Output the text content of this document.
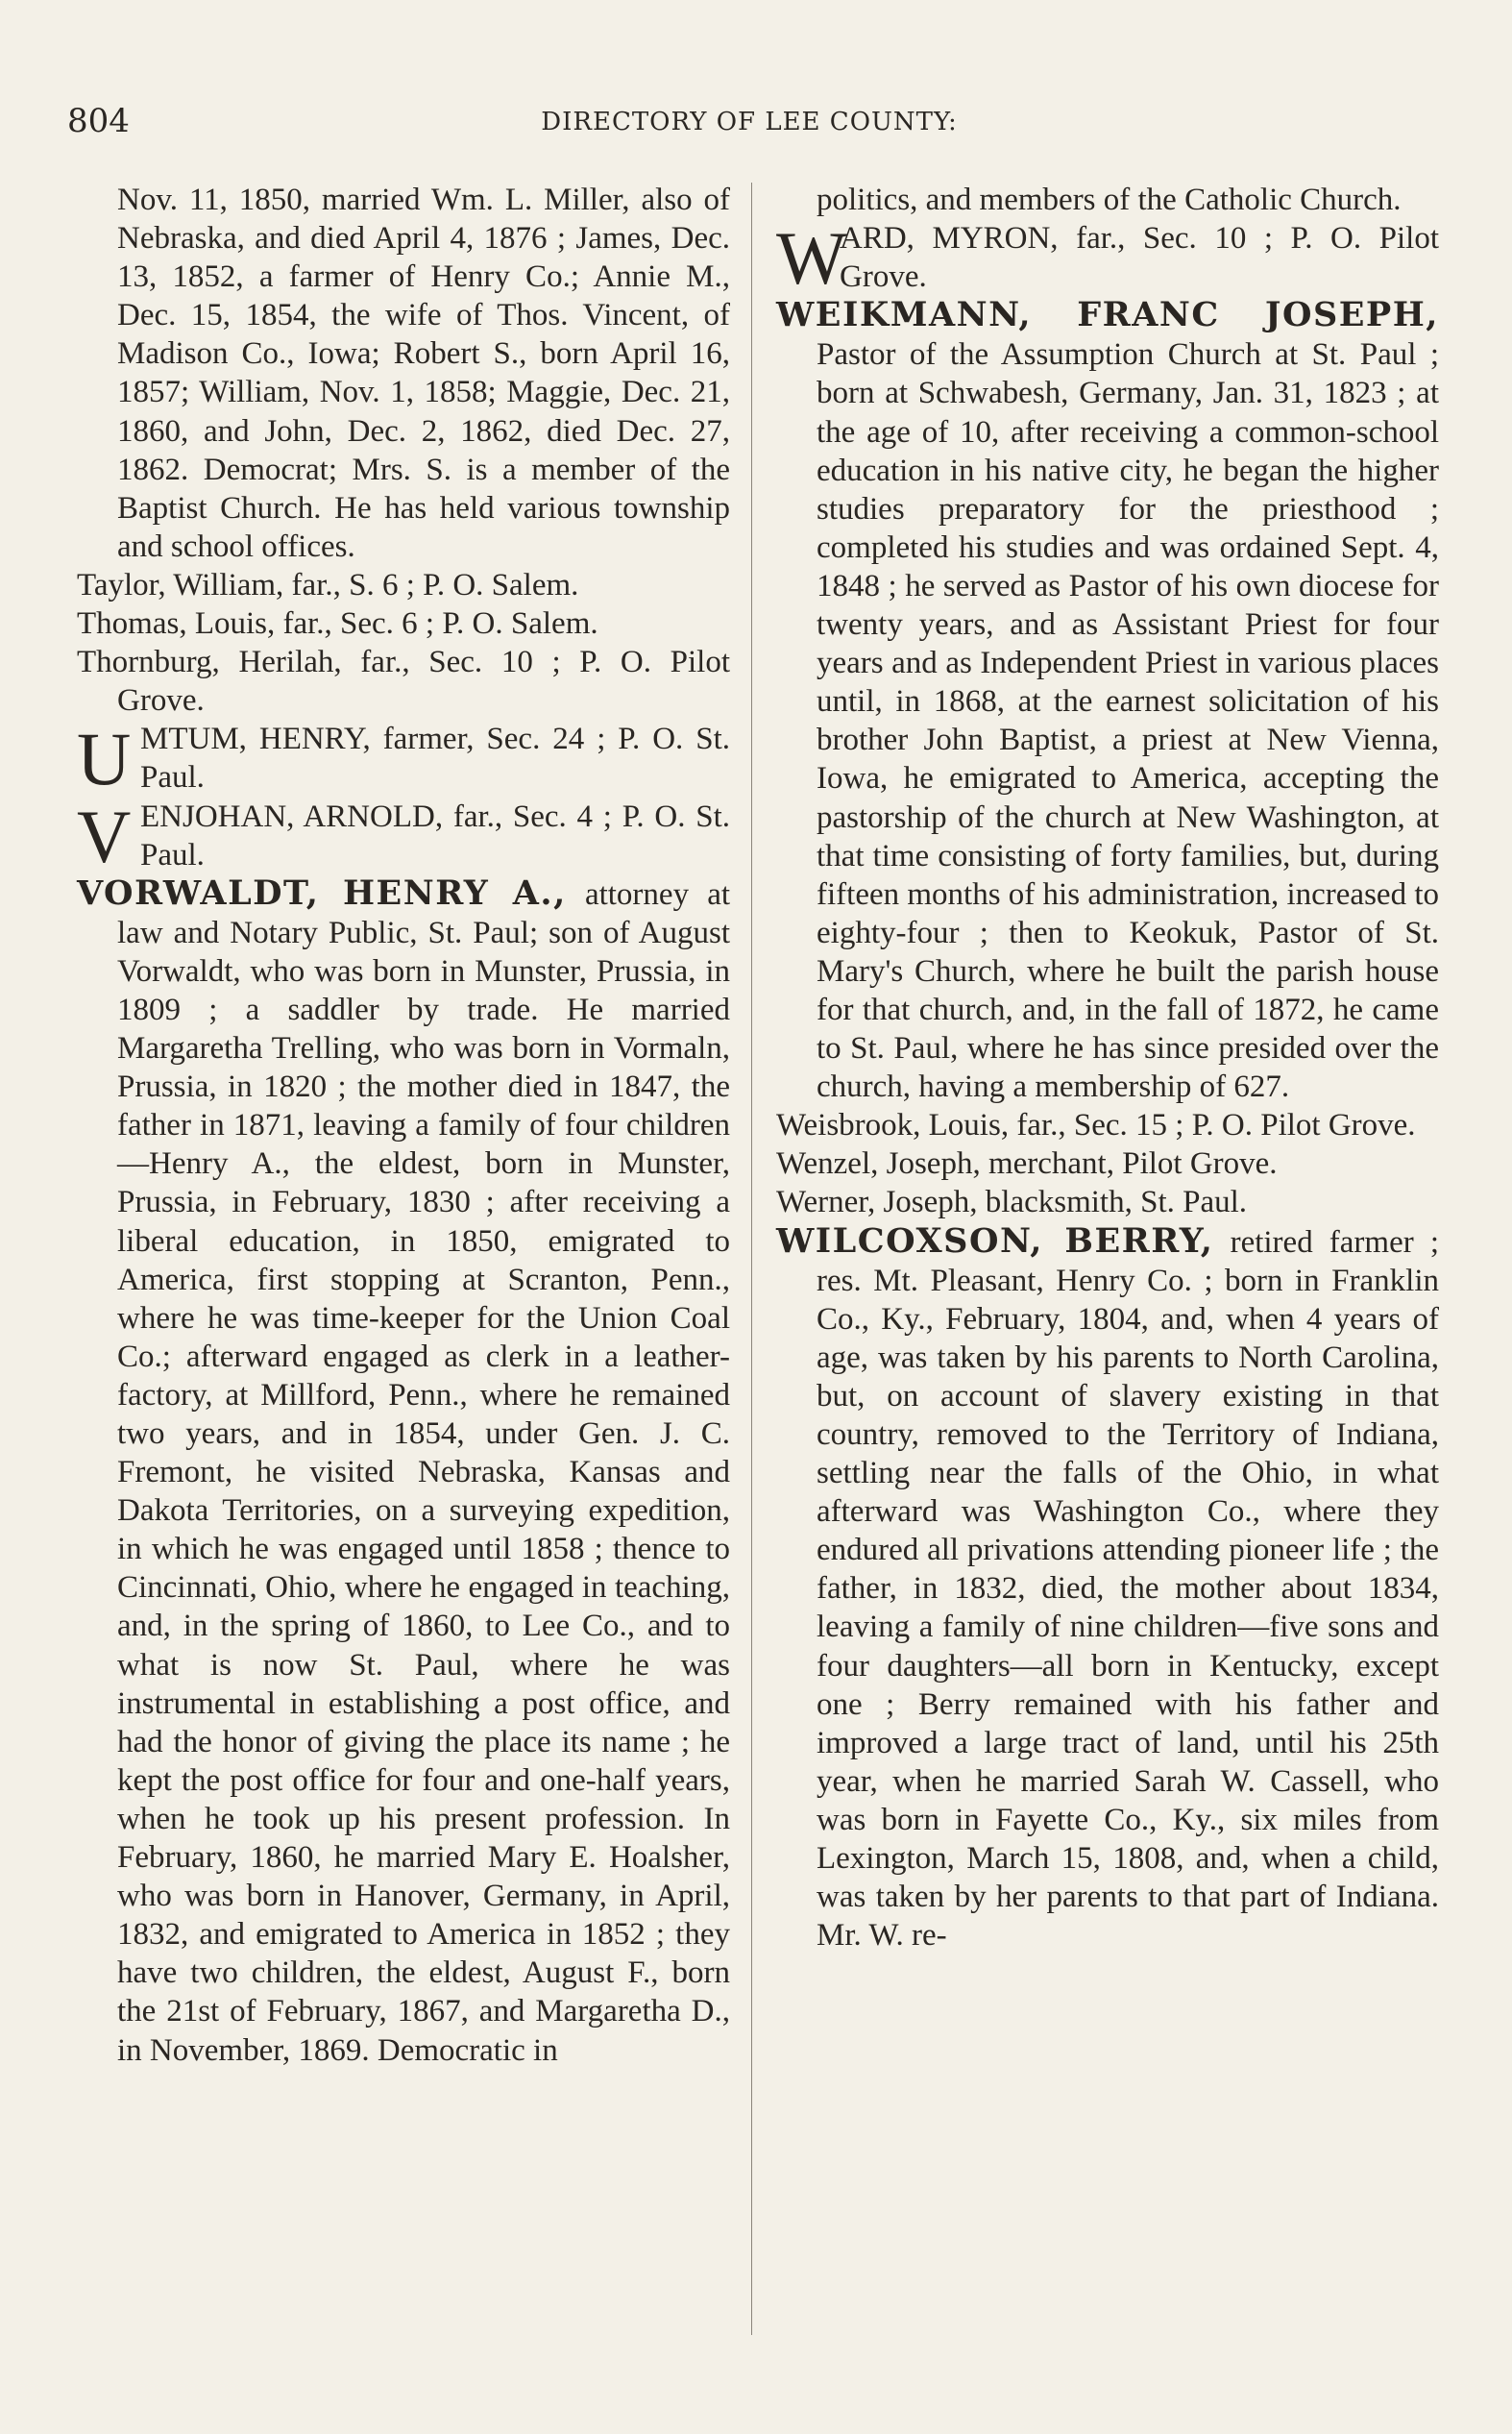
804	DIRECTORY OF LEE COUNTY:

Nov. 11, 1850, married Wm. L. Miller, also of Nebraska, and died April 4, 1876 ; James, Dec. 13, 1852, a farmer of Henry Co.; Annie M., Dec. 15, 1854, the wife of Thos. Vincent, of Madison Co., Iowa; Robert S., born April 16, 1857; William, Nov. 1, 1858; Maggie, Dec. 21, 1860, and John, Dec. 2, 1862, died Dec. 27, 1862. Democrat; Mrs. S. is a member of the Baptist Church. He has held various township and school offices.

Taylor, William, far., S. 6 ; P. O. Salem.

Thomas, Louis, far., Sec. 6 ; P. O. Salem.

Thornburg, Herilah, far., Sec. 10 ; P. O. Pilot Grove.

U MTUM, HENRY, farmer, Sec. 24 ; P. O. St. Paul.
V ENJOHAN, ARNOLD, far., Sec. 4 ; P. O. St. Paul.

VORWALDT, HENRY A., attorney at law and Notary Public, St. Paul; son of August Vorwaldt, who was born in Munster, Prussia, in 1809 ; a saddler by trade. He married Margaretha Trelling, who was born in Vormaln, Prussia, in 1820 ; the mother died in 1847, the father in 1871, leaving a family of four children—Henry A., the eldest, born in Munster, Prussia, in February, 1830 ; after receiving a liberal education, in 1850, emigrated to America, first stopping at Scranton, Penn., where he was time-keeper for the Union Coal Co.; afterward engaged as clerk in a leather-factory, at Millford, Penn., where he remained two years, and in 1854, under Gen. J. C. Fremont, he visited Nebraska, Kansas and Dakota Territories, on a surveying expedition, in which he was engaged until 1858 ; thence to Cincinnati, Ohio, where he engaged in teaching, and, in the spring of 1860, to Lee Co., and to what is now St. Paul, where he was instrumental in establishing a post office, and had the honor of giving the place its name ; he kept the post office for four and one-half years, when he took up his present profession. In February, 1860, he married Mary E. Hoalsher, who was born in Hanover, Germany, in April, 1832, and emigrated to America in 1852 ; they have two children, the eldest, August F., born the 21st of February, 1867, and Margaretha D., in November, 1869. Democratic in

politics, and members of the Catholic Church.

W
ARD, MYRON, far., Sec. 10 ; P. O. Pilot Grove.

WEIKMANN, FRANC JOSEPH, Pastor of the Assumption Church at St. Paul ; born at Schwabesh, Germany, Jan. 31, 1823 ; at the age of 10, after receiving a common-school education in his native city, he began the higher studies preparatory for the priesthood ; completed his studies and was ordained Sept. 4, 1848 ; he served as Pastor of his own diocese for twenty years, and as Assistant Priest for four years and as Independent Priest in various places until, in 1868, at the earnest solicitation of his brother John Baptist, a priest at New Vienna, Iowa, he emigrated to America, accepting the pastorship of the church at New Washington, at that time consisting of forty families, but, during fifteen months of his administration, increased to eighty-four ; then to Keokuk, Pastor of St. Mary's Church, where he built the parish house for that church, and, in the fall of 1872, he came to St. Paul, where he has since presided over the church, having a membership of 627.

Weisbrook, Louis, far., Sec. 15 ; P. O. Pilot Grove.

Wenzel, Joseph, merchant, Pilot Grove.

Werner, Joseph, blacksmith, St. Paul.

WILCOXSON, BERRY, retired farmer ; res. Mt. Pleasant, Henry Co. ; born in Franklin Co., Ky., February, 1804, and, when 4 years of age, was taken by his parents to North Carolina, but, on account of slavery existing in that country, removed to the Territory of Indiana, settling near the falls of the Ohio, in what afterward was Washington Co., where they endured all privations attending pioneer life ; the father, in 1832, died, the mother about 1834, leaving a family of nine children—five sons and four daughters—all born in Kentucky, except one ; Berry remained with his father and improved a large tract of land, until his 25th year, when he married Sarah W. Cassell, who was born in Fayette Co., Ky., six miles from Lexington, March 15, 1808, and, when a child, was taken by her parents to that part of Indiana. Mr. W. re-
